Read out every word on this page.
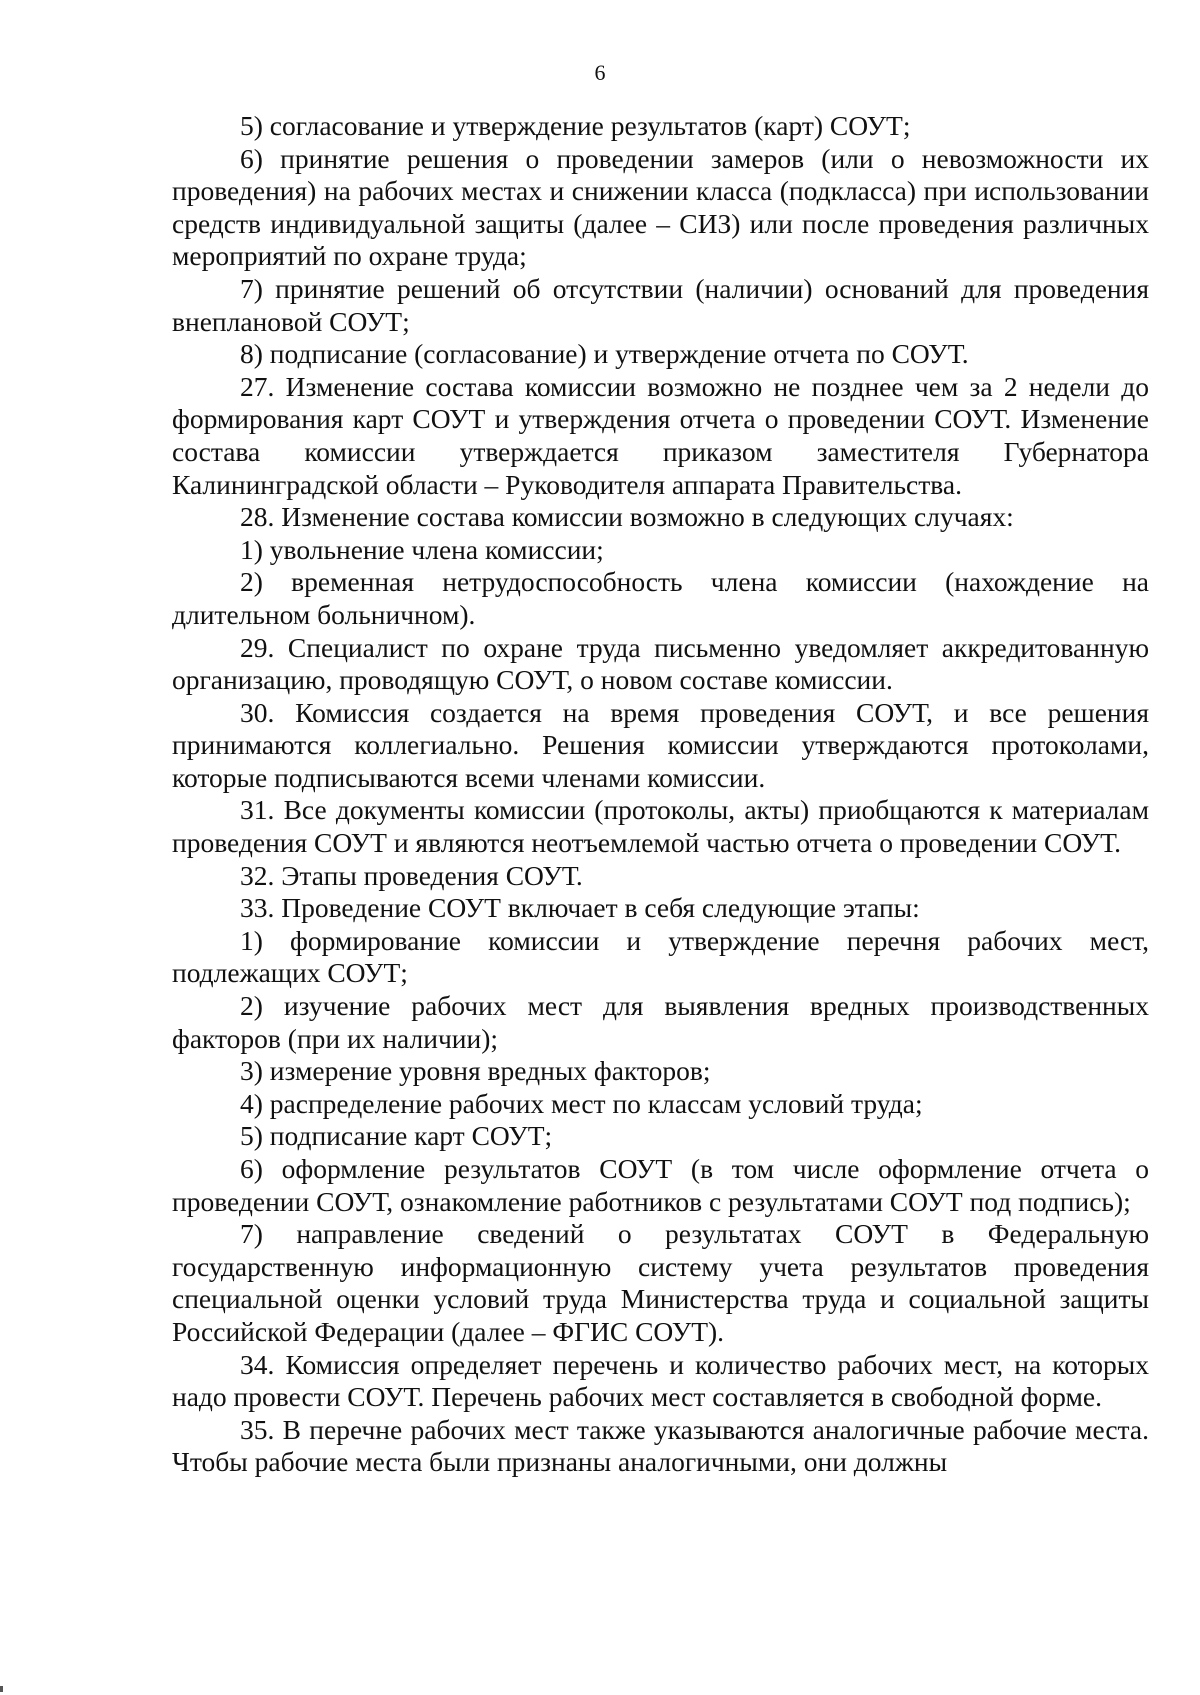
6

5) согласование и утверждение результатов (карт) СОУТ;

6) принятие решения о проведении замеров (или о невозможности их проведения) на рабочих местах и снижении класса (подкласса) при использовании средств индивидуальной защиты (далее – СИЗ) или после проведения различных мероприятий по охране труда;

7) принятие решений об отсутствии (наличии) оснований для проведения внеплановой СОУТ;

8) подписание (согласование) и утверждение отчета по СОУТ.

27. Изменение состава комиссии возможно не позднее чем за 2 недели до формирования карт СОУТ и утверждения отчета о проведении СОУТ. Изменение состава комиссии утверждается приказом заместителя Губернатора Калининградской области – Руководителя аппарата Правительства.

28. Изменение состава комиссии возможно в следующих случаях:

1) увольнение члена комиссии;

2) временная нетрудоспособность члена комиссии (нахождение на длительном больничном).

29. Специалист по охране труда письменно уведомляет аккредитованную организацию, проводящую СОУТ, о новом составе комиссии.

30. Комиссия создается на время проведения СОУТ, и все решения принимаются коллегиально. Решения комиссии утверждаются протоколами, которые подписываются всеми членами комиссии.

31. Все документы комиссии (протоколы, акты) приобщаются к материалам проведения СОУТ и являются неотъемлемой частью отчета о проведении СОУТ.

32. Этапы проведения СОУТ.

33. Проведение СОУТ включает в себя следующие этапы:

1) формирование комиссии и утверждение перечня рабочих мест, подлежащих СОУТ;

2) изучение рабочих мест для выявления вредных производственных факторов (при их наличии);

3) измерение уровня вредных факторов;

4) распределение рабочих мест по классам условий труда;

5) подписание карт СОУТ;

6) оформление результатов СОУТ (в том числе оформление отчета о проведении СОУТ, ознакомление работников с результатами СОУТ под подпись);

7) направление сведений о результатах СОУТ в Федеральную государственную информационную систему учета результатов проведения специальной оценки условий труда Министерства труда и социальной защиты Российской Федерации (далее – ФГИС СОУТ).

34. Комиссия определяет перечень и количество рабочих мест, на которых надо провести СОУТ. Перечень рабочих мест составляется в свободной форме.

35. В перечне рабочих мест также указываются аналогичные рабочие места. Чтобы рабочие места были признаны аналогичными, они должны
